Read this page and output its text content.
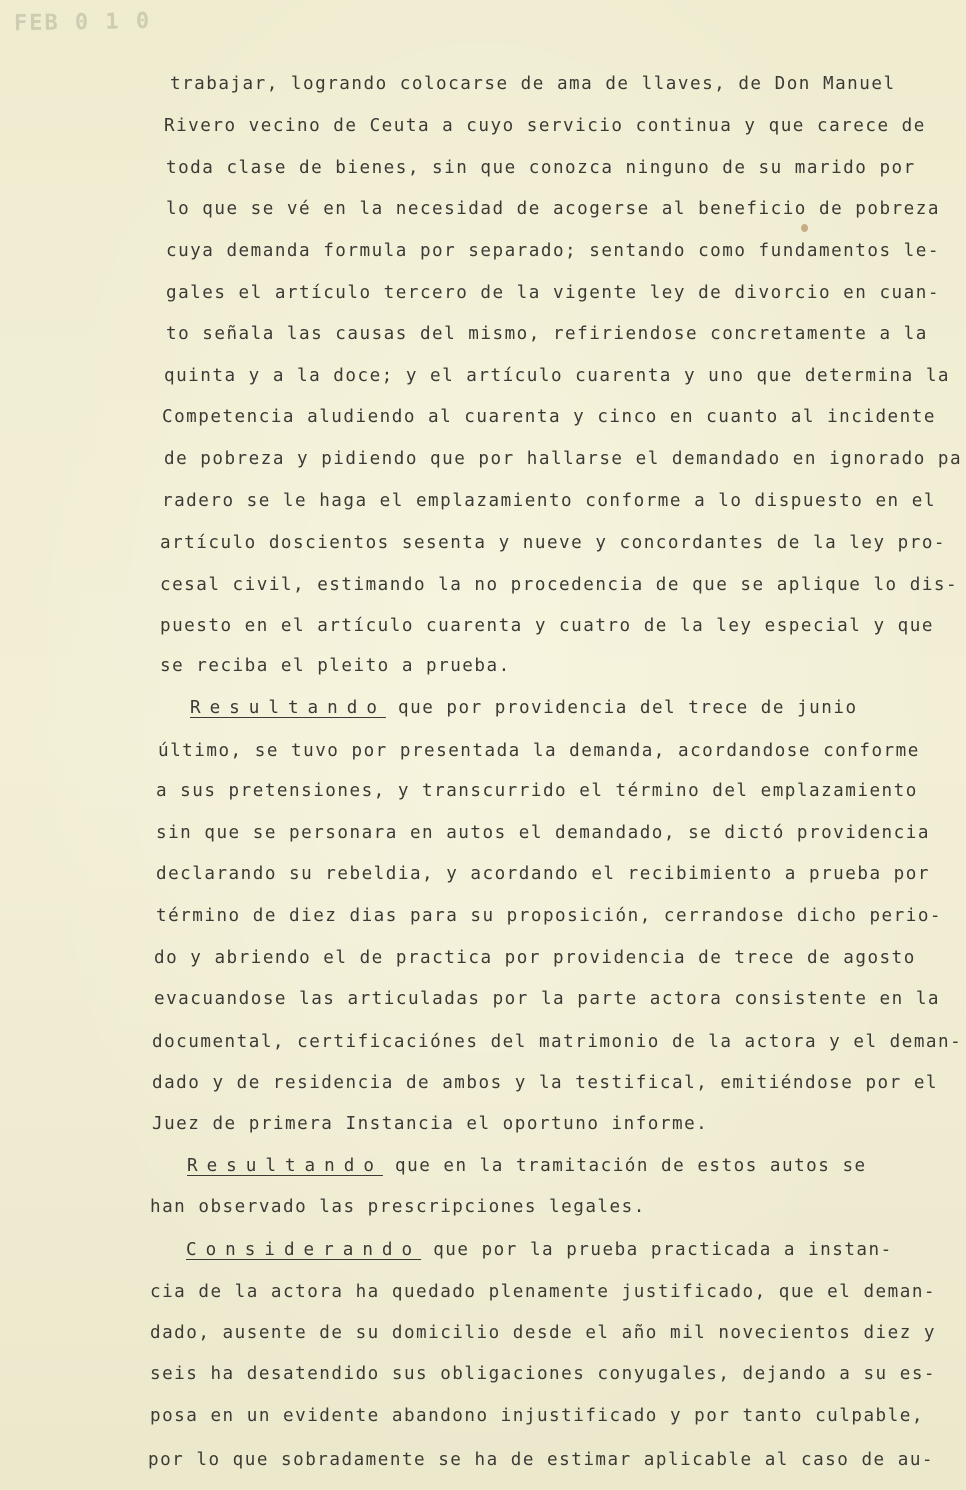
FEB 0 1 0
trabajar, logrando colocarse de ama de llaves, de Don Manuel
Rivero vecino de Ceuta a cuyo servicio continua y que carece de
toda clase de bienes, sin que conozca ninguno de su marido por
lo que se vé en la necesidad de acogerse al beneficio de pobreza
cuya demanda formula por separado; sentando como fundamentos le-
gales el artículo tercero de la vigente ley de divorcio en cuan-
to señala las causas del mismo, refiriendose concretamente a la
quinta y a la doce; y el artículo cuarenta y uno que determina la
Competencia aludiendo al cuarenta y cinco en cuanto al incidente
de pobreza y pidiendo que por hallarse el demandado en ignorado pa
radero se le haga el emplazamiento conforme a lo dispuesto en el
artículo doscientos sesenta y nueve y concordantes de la ley pro-
cesal civil, estimando la no procedencia de que se aplique lo dis-
puesto en el artículo cuarenta y cuatro de la ley especial y que
se reciba el pleito a prueba.
Resultando que por providencia del trece de junio
último, se tuvo por presentada la demanda, acordandose conforme
a sus pretensiones, y transcurrido el término del emplazamiento
sin que se personara en autos el demandado, se dictó providencia
declarando su rebeldia, y acordando el recibimiento a prueba por
término de diez dias para su proposición, cerrandose dicho perio-
do y abriendo el de practica por providencia de trece de agosto
evacuandose las articuladas por la parte actora consistente en la
documental, certificaciónes del matrimonio de la actora y el deman-
dado y de residencia de ambos y la testifical, emitiéndose por el
Juez de primera Instancia el oportuno informe.
Resultando que en la tramitación de estos autos se
han observado las prescripciones legales.
Considerando que por la prueba practicada a instan-
cia de la actora ha quedado plenamente justificado, que el deman-
dado, ausente de su domicilio desde el año mil novecientos diez y
seis ha desatendido sus obligaciones conyugales, dejando a su es-
posa en un evidente abandono injustificado y por tanto culpable,
por lo que sobradamente se ha de estimar aplicable al caso de au-
